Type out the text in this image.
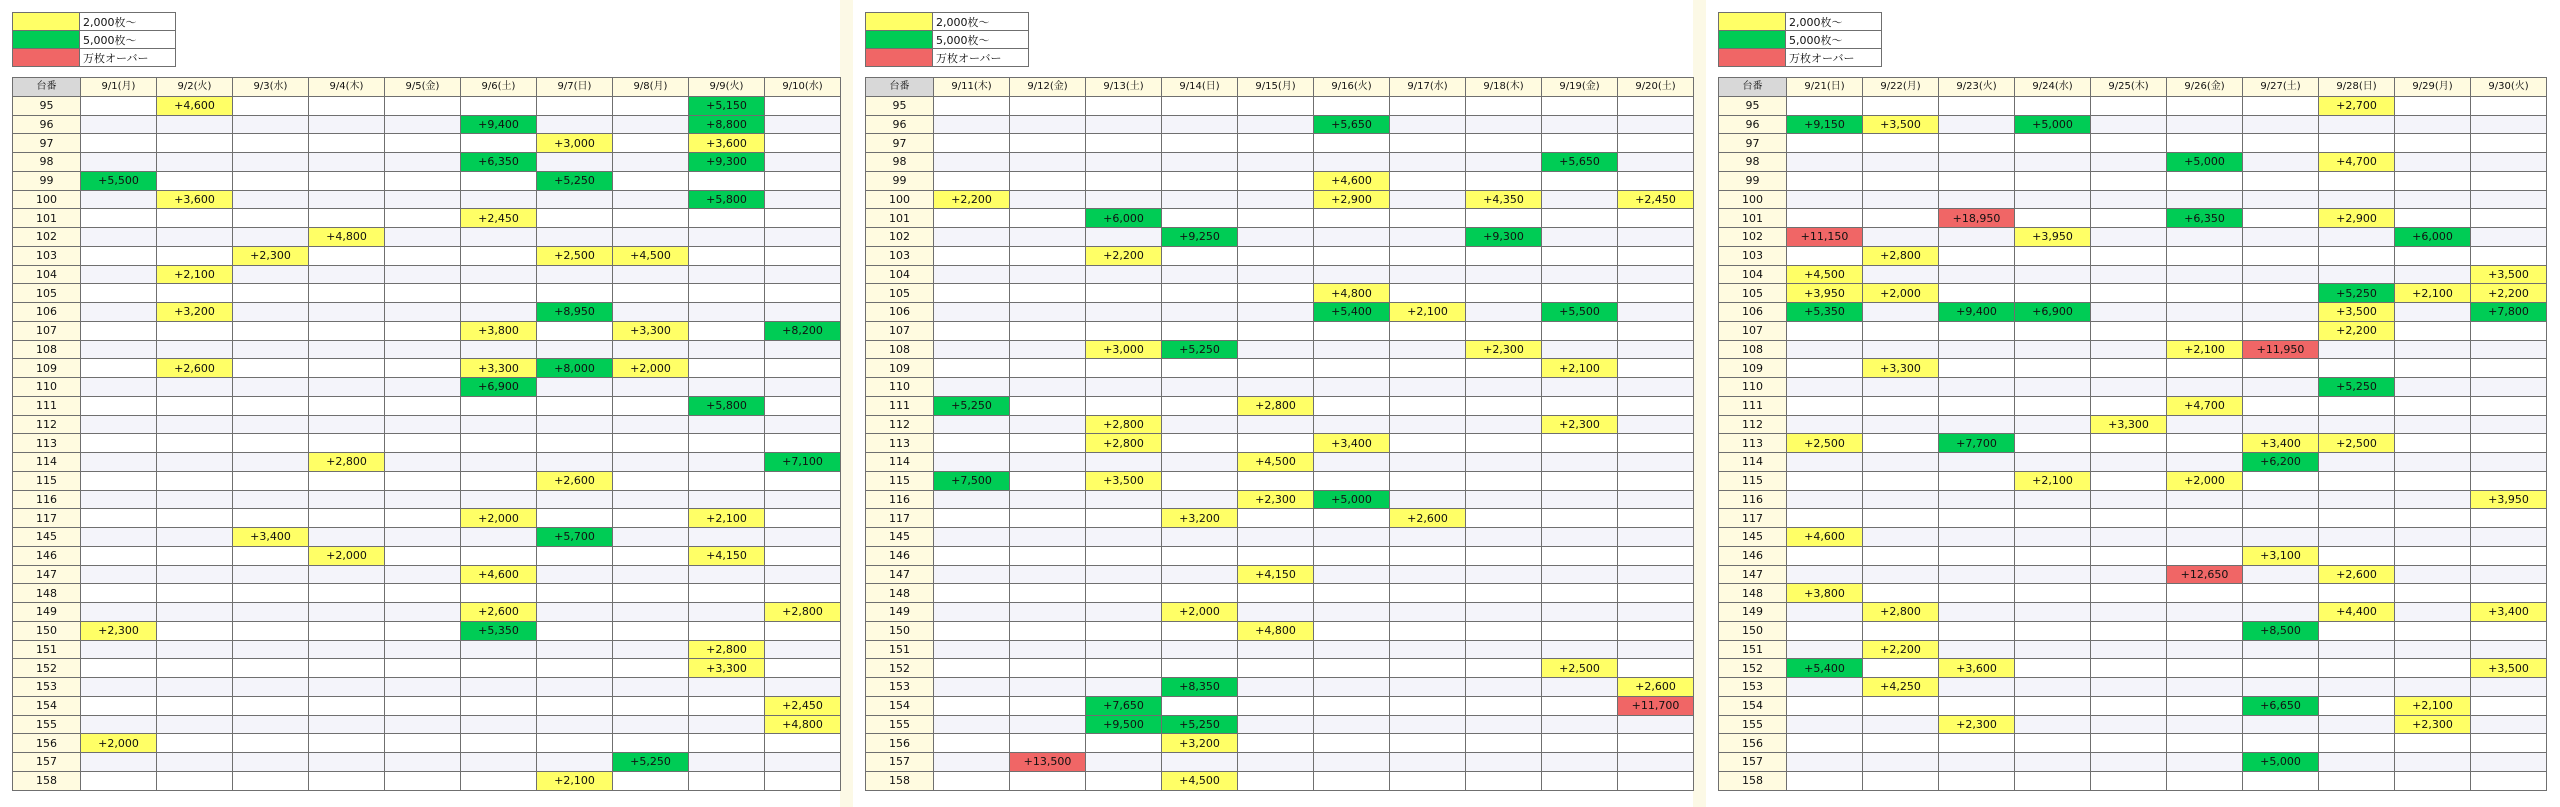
	2,000枚～
	5,000枚～
	万枚オーバー
台番	9/1(月)	9/2(火)	9/3(水)	9/4(木)	9/5(金)	9/6(土)	9/7(日)	9/8(月)	9/9(火)	9/10(水)
95		+4,600							+5,150	
96						+9,400			+8,800	
97							+3,000		+3,600	
98						+6,350			+9,300	
99	+5,500						+5,250			
100		+3,600							+5,800	
101						+2,450				
102				+4,800						
103			+2,300				+2,500	+4,500		
104		+2,100								
105										
106		+3,200					+8,950			
107						+3,800		+3,300		+8,200
108										
109		+2,600				+3,300	+8,000	+2,000		
110						+6,900				
111									+5,800	
112										
113										
114				+2,800						+7,100
115							+2,600			
116										
117						+2,000			+2,100	
145			+3,400				+5,700			
146				+2,000					+4,150	
147						+4,600				
148										
149						+2,600				+2,800
150	+2,300					+5,350				
151									+2,800	
152									+3,300	
153										
154										+2,450
155										+4,800
156	+2,000									
157								+5,250		
158							+2,100			
	2,000枚～
	5,000枚～
	万枚オーバー
台番	9/11(木)	9/12(金)	9/13(土)	9/14(日)	9/15(月)	9/16(火)	9/17(水)	9/18(木)	9/19(金)	9/20(土)
95										
96						+5,650				
97										
98									+5,650	
99						+4,600				
100	+2,200					+2,900		+4,350		+2,450
101			+6,000							
102				+9,250				+9,300		
103			+2,200							
104										
105						+4,800				
106						+5,400	+2,100		+5,500	
107										
108			+3,000	+5,250				+2,300		
109									+2,100	
110										
111	+5,250				+2,800					
112			+2,800						+2,300	
113			+2,800			+3,400				
114					+4,500					
115	+7,500		+3,500							
116					+2,300	+5,000				
117				+3,200			+2,600			
145										
146										
147					+4,150					
148										
149				+2,000						
150					+4,800					
151										
152									+2,500	
153				+8,350						+2,600
154			+7,650							+11,700
155			+9,500	+5,250						
156				+3,200						
157		+13,500								
158				+4,500						
	2,000枚～
	5,000枚～
	万枚オーバー
台番	9/21(日)	9/22(月)	9/23(火)	9/24(水)	9/25(木)	9/26(金)	9/27(土)	9/28(日)	9/29(月)	9/30(火)
95								+2,700		
96	+9,150	+3,500		+5,000						
97										
98						+5,000		+4,700		
99										
100										
101			+18,950			+6,350		+2,900		
102	+11,150			+3,950					+6,000	
103		+2,800								
104	+4,500									+3,500
105	+3,950	+2,000						+5,250	+2,100	+2,200
106	+5,350		+9,400	+6,900				+3,500		+7,800
107								+2,200		
108						+2,100	+11,950			
109		+3,300								
110								+5,250		
111						+4,700				
112					+3,300					
113	+2,500		+7,700				+3,400	+2,500		
114							+6,200			
115				+2,100		+2,000				
116										+3,950
117										
145	+4,600									
146							+3,100			
147						+12,650		+2,600		
148	+3,800									
149		+2,800						+4,400		+3,400
150							+8,500			
151		+2,200								
152	+5,400		+3,600							+3,500
153		+4,250								
154							+6,650		+2,100	
155			+2,300						+2,300	
156										
157							+5,000			
158										
